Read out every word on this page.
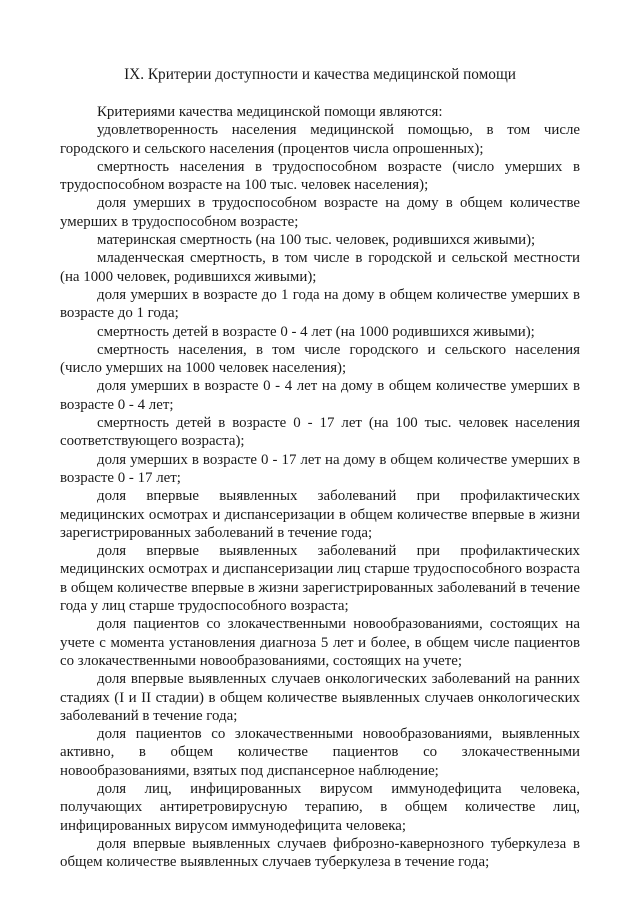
IX. Критерии доступности и качества медицинской помощи

Критериями качества медицинской помощи являются:

удовлетворенность населения медицинской помощью, в том числе городского и сельского населения (процентов числа опрошенных);

смертность населения в трудоспособном возрасте (число умерших в трудоспособном возрасте на 100 тыс. человек населения);

доля умерших в трудоспособном возрасте на дому в общем количестве умерших в трудоспособном возрасте;

материнская смертность (на 100 тыс. человек, родившихся живыми);

младенческая смертность, в том числе в городской и сельской местности (на 1000 человек, родившихся живыми);

доля умерших в возрасте до 1 года на дому в общем количестве умерших в возрасте до 1 года;

смертность детей в возрасте 0 - 4 лет (на 1000 родившихся живыми);

смертность населения, в том числе городского и сельского населения (число умерших на 1000 человек населения);

доля умерших в возрасте 0 - 4 лет на дому в общем количестве умерших в возрасте 0 - 4 лет;

смертность детей в возрасте 0 - 17 лет (на 100 тыс. человек населения соответствующего возраста);

доля умерших в возрасте 0 - 17 лет на дому в общем количестве умерших в возрасте 0 - 17 лет;

доля впервые выявленных заболеваний при профилактических медицинских осмотрах и диспансеризации в общем количестве впервые в жизни зарегистрированных заболеваний в течение года;

доля впервые выявленных заболеваний при профилактических медицинских осмотрах и диспансеризации лиц старше трудоспособного возраста в общем количестве впервые в жизни зарегистрированных заболеваний в течение года у лиц старше трудоспособного возраста;

доля пациентов со злокачественными новообразованиями, состоящих на учете с момента установления диагноза 5 лет и более, в общем числе пациентов со злокачественными новообразованиями, состоящих на учете;

доля впервые выявленных случаев онкологических заболеваний на ранних стадиях (I и II стадии) в общем количестве выявленных случаев онкологических заболеваний в течение года;

доля пациентов со злокачественными новообразованиями, выявленных активно, в общем количестве пациентов со злокачественными новообразованиями, взятых под диспансерное наблюдение;

доля лиц, инфицированных вирусом иммунодефицита человека, получающих антиретровирусную терапию, в общем количестве лиц, инфицированных вирусом иммунодефицита человека;

доля впервые выявленных случаев фиброзно-кавернозного туберкулеза в общем количестве выявленных случаев туберкулеза в течение года;
